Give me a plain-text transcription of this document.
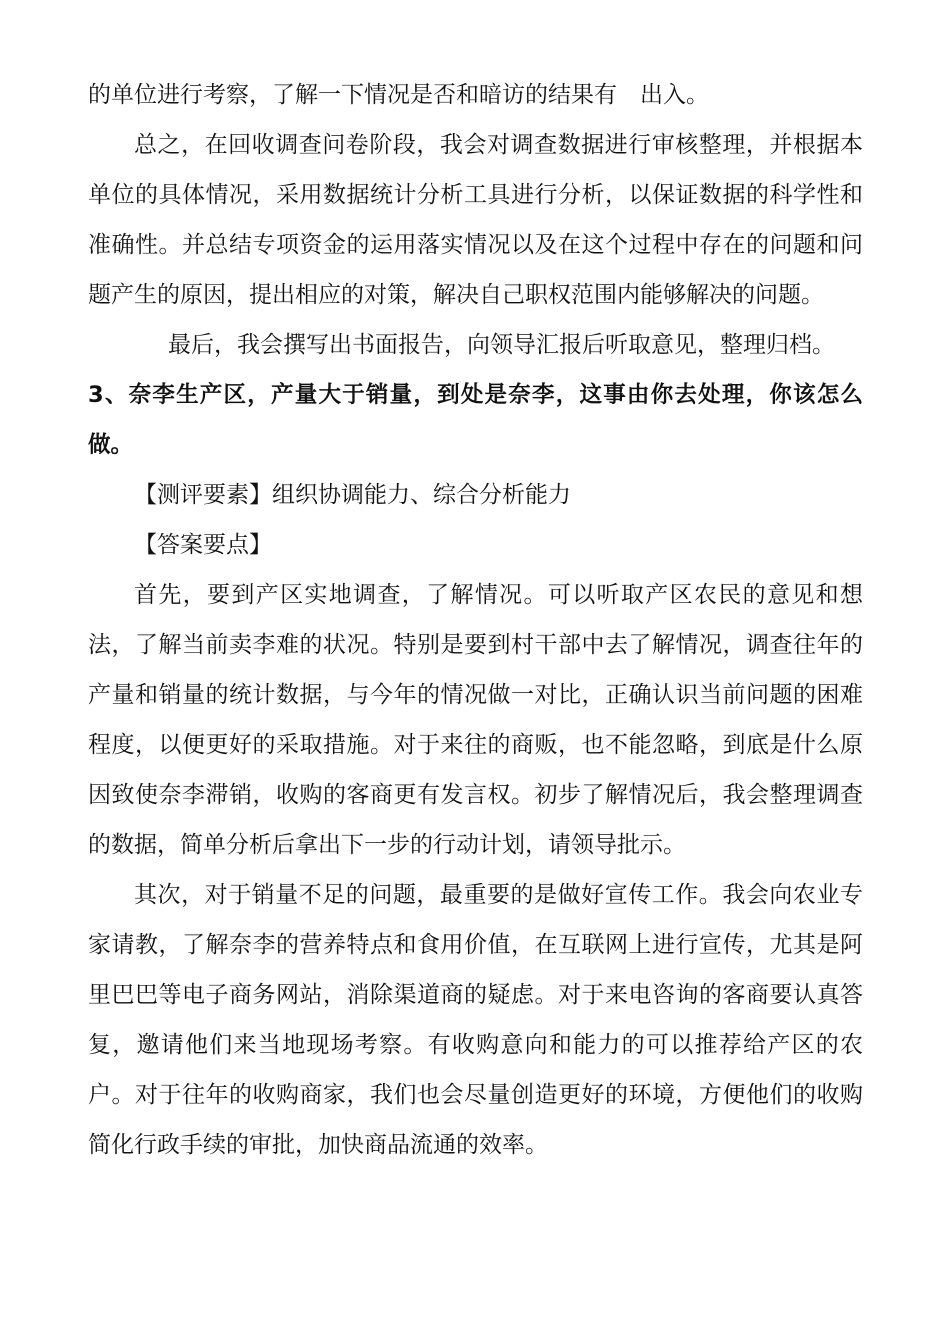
的单位进行考察，了解一下情况是否和暗访的结果有　出入。

总之，在回收调查问卷阶段，我会对调查数据进行审核整理，并根据本单位的具体情况，采用数据统计分析工具进行分析，以保证数据的科学性和准确性。并总结专项资金的运用落实情况以及在这个过程中存在的问题和问题产生的原因，提出相应的对策，解决自己职权范围内能够解决的问题。

最后，我会撰写出书面报告，向领导汇报后听取意见，整理归档。

3、奈李生产区，产量大于销量，到处是奈李，这事由你去处理，你该怎么做。

【测评要素】组织协调能力、综合分析能力

【答案要点】

首先，要到产区实地调查，了解情况。可以听取产区农民的意见和想法，了解当前卖李难的状况。特别是要到村干部中去了解情况，调查往年的产量和销量的统计数据，与今年的情况做一对比，正确认识当前问题的困难程度，以便更好的采取措施。对于来往的商贩，也不能忽略，到底是什么原因致使奈李滞销，收购的客商更有发言权。初步了解情况后，我会整理调查的数据，简单分析后拿出下一步的行动计划，请领导批示。

其次，对于销量不足的问题，最重要的是做好宣传工作。我会向农业专家请教，了解奈李的营养特点和食用价值，在互联网上进行宣传，尤其是阿里巴巴等电子商务网站，消除渠道商的疑虑。对于来电咨询的客商要认真答复，邀请他们来当地现场考察。有收购意向和能力的可以推荐给产区的农户。对于往年的收购商家，我们也会尽量创造更好的环境，方便他们的收购简化行政手续的审批，加快商品流通的效率。
